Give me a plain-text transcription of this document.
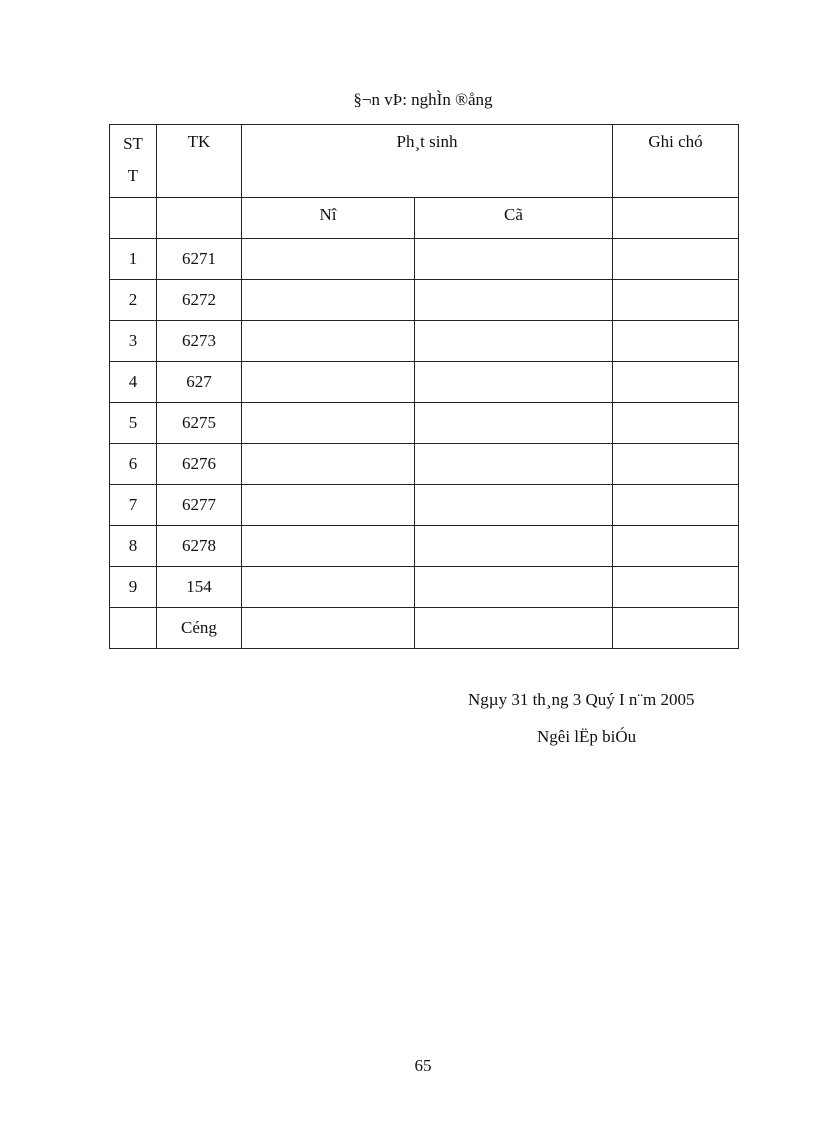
§¬n vÞ: nghÌn ®ång
ST
T	TK	Ph¸t sinh		Ghi chó

		Nî	Cã	

1	6271			
2	6272			
3	6273			
4	627			
5	6275			
6	6276			
7	6277			
8	6278			
9	154			
	Céng			
Ngµy 31 th¸ng 3 Quý I n¨m 2005
Ngêi lËp biÓu
65
